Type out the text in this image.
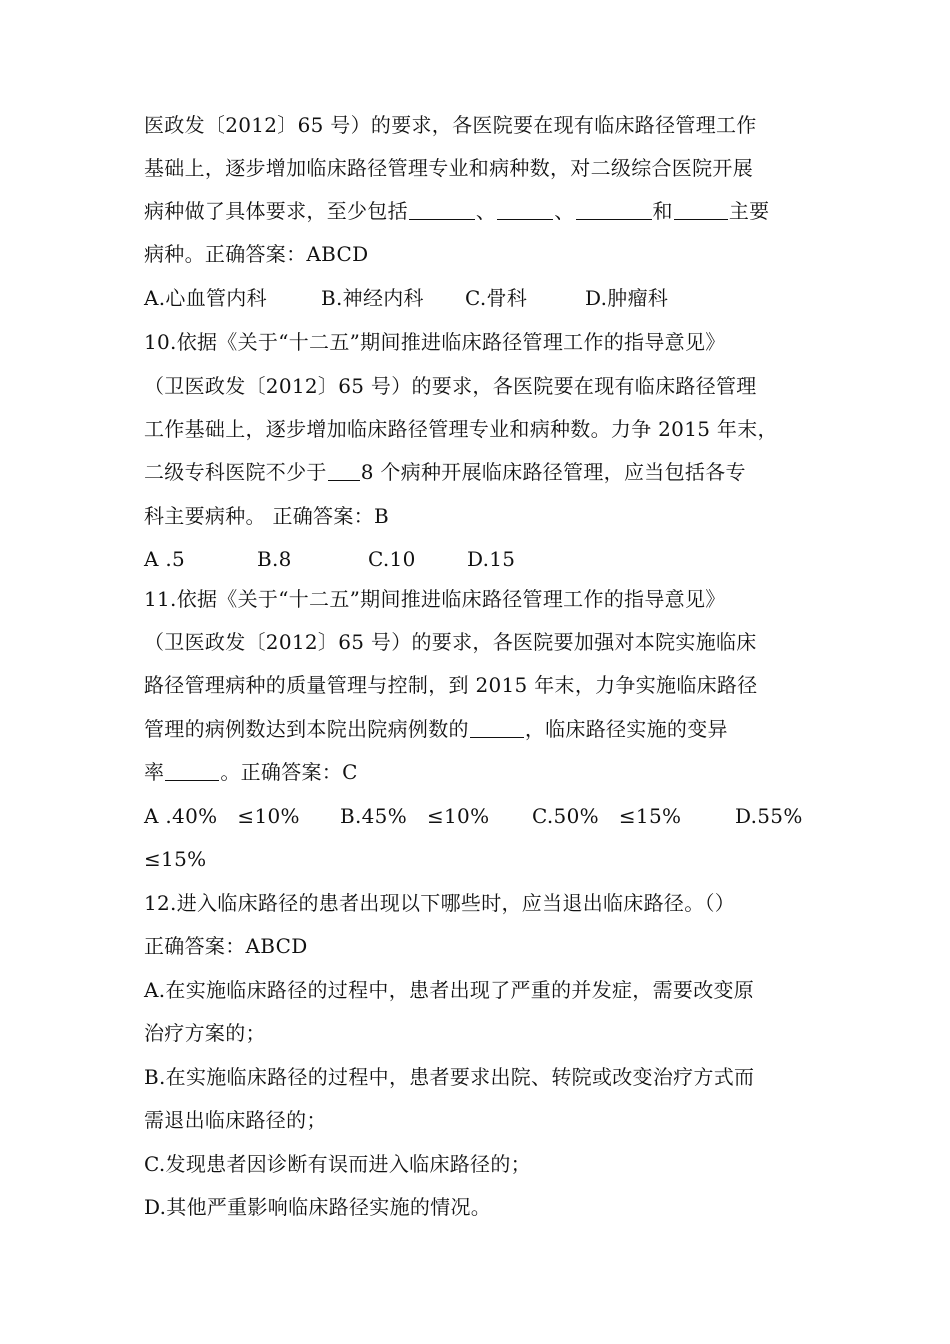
医政发〔2012〕65 号）的要求，各医院要在现有临床路径管理工作
基础上，逐步增加临床路径管理专业和病种数，对二级综合医院开展
病种做了具体要求，至少包括	、	、	和	主要
病种。正确答案：ABCD
A.心血管内科	B.神经内科 C.骨科	D.肿瘤科
10.依据《关于“十二五”期间推进临床路径管理工作的指导意见》
（卫医政发〔2012〕65 号）的要求，各医院要在现有临床路径管理
工作基础上，逐步增加临床路径管理专业和病种数。力争 2015 年末，
二级专科医院不少于 8 个病种开展临床路径管理，应当包括各专
科主要病种。 正确答案：B
A .5	B.8	C.10	D.15
11.依据《关于“十二五”期间推进临床路径管理工作的指导意见》
（卫医政发〔2012〕65 号）的要求，各医院要加强对本院实施临床
路径管理病种的质量管理与控制，到 2015 年末，力争实施临床路径
管理的病例数达到本院出院病例数的	，临床路径实施的变异
率	。正确答案：C
A .40%   ≤10% B.45%   ≤10% C.50%   ≤15%	D.55%
≤15%
12.进入临床路径的患者出现以下哪些时，应当退出临床路径。（）
正确答案：ABCD
A.在实施临床路径的过程中，患者出现了严重的并发症，需要改变原
治疗方案的；
B.在实施临床路径的过程中，患者要求出院、转院或改变治疗方式而
需退出临床路径的；
C.发现患者因诊断有误而进入临床路径的；
D.其他严重影响临床路径实施的情况。
